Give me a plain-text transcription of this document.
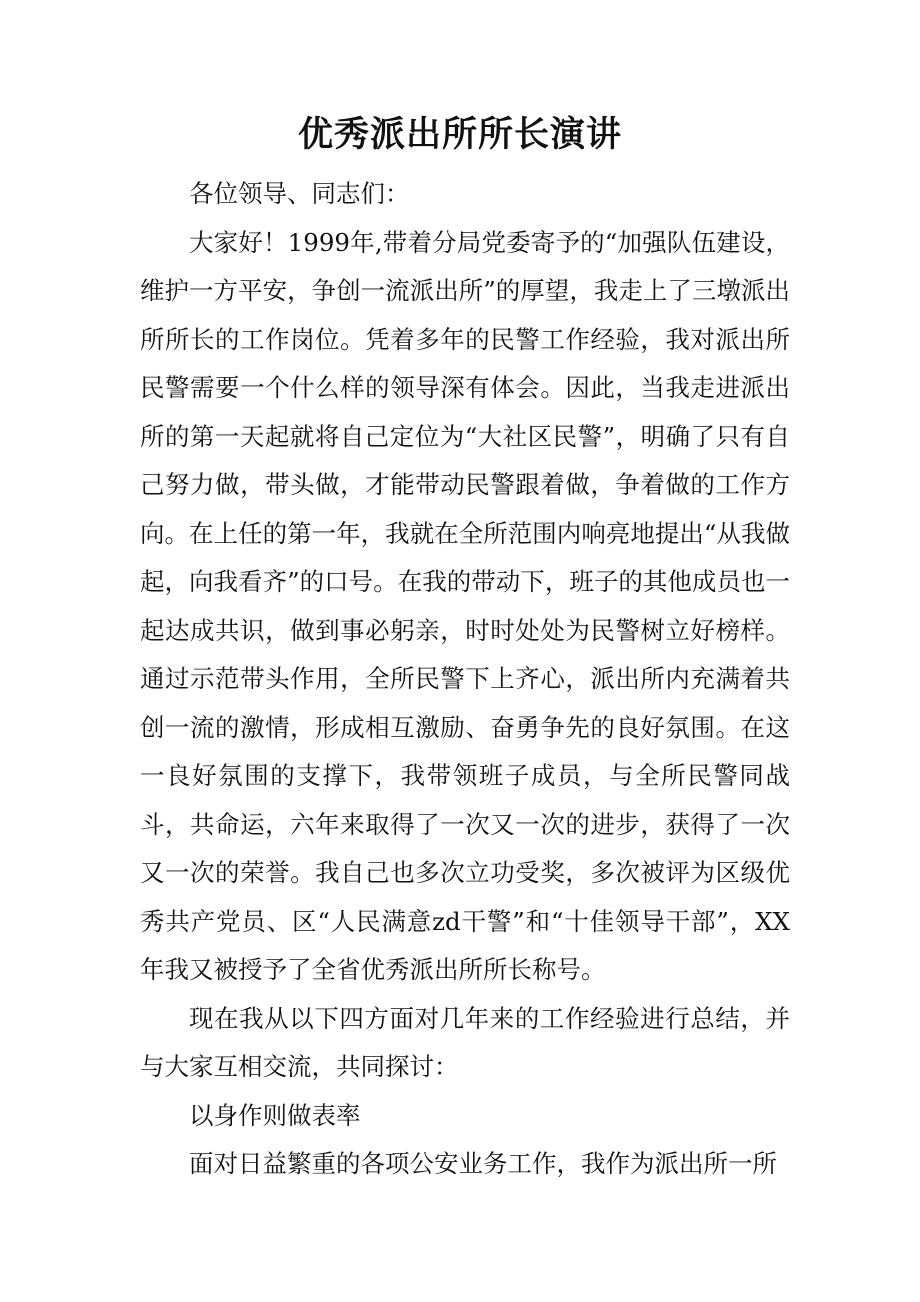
优秀派出所所长演讲

各位领导、同志们：

大家好！1999年,带着分局党委寄予的“加强队伍建设，维护一方平安，争创一流派出所”的厚望，我走上了三墩派出所所长的工作岗位。凭着多年的民警工作经验，我对派出所民警需要一个什么样的领导深有体会。因此，当我走进派出所的第一天起就将自己定位为“大社区民警”，明确了只有自己努力做，带头做，才能带动民警跟着做，争着做的工作方向。在上任的第一年，我就在全所范围内响亮地提出“从我做起，向我看齐”的口号。在我的带动下，班子的其他成员也一起达成共识，做到事必躬亲，时时处处为民警树立好榜样。通过示范带头作用，全所民警下上齐心，派出所内充满着共创一流的激情，形成相互激励、奋勇争先的良好氛围。在这一良好氛围的支撑下，我带领班子成员，与全所民警同战斗，共命运，六年来取得了一次又一次的进步，获得了一次又一次的荣誉。我自己也多次立功受奖，多次被评为区级优秀共产党员、区“人民满意zd干警”和“十佳领导干部”，XX年我又被授予了全省优秀派出所所长称号。

现在我从以下四方面对几年来的工作经验进行总结，并与大家互相交流，共同探讨：

以身作则做表率

面对日益繁重的各项公安业务工作，我作为派出所一所
